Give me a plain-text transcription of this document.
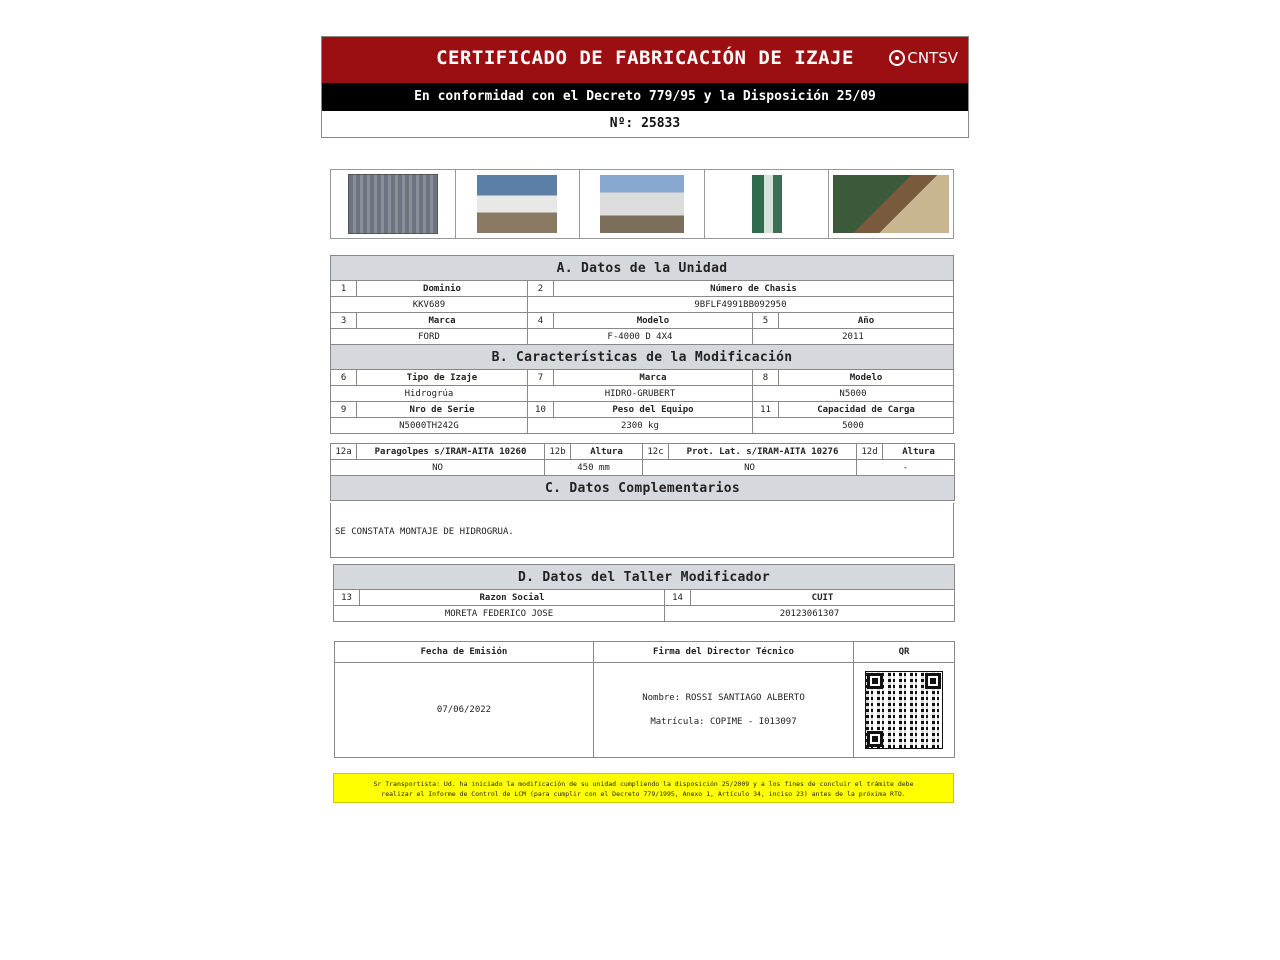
CERTIFICADO DE FABRICACIÓN DE IZAJE	CNTSV
En conformidad con el Decreto 779/95 y la Disposición 25/09
Nº: 25833
A. Datos de la Unidad					
1	Dominio	2	Número de Chasis		
KKV689		9BFLF4991BB092950			
3	Marca	4	Modelo	5	Año
FORD		F-4000 D 4X4		2011	
B. Características de la Modificación					
6	Tipo de Izaje	7	Marca	8	Modelo
Hidrogrúa		HIDRO-GRUBERT		N5000	
9	Nro de Serie	10	Peso del Equipo	11	Capacidad de Carga
N5000TH242G		2300 kg		5000	
12a	Paragolpes s/IRAM-AITA 10260	12b	Altura	12c	Prot. Lat. s/IRAM-AITA 10276	12d	Altura
NO		450 mm		NO		-	
C. Datos Complementarios							
SE CONSTATA MONTAJE DE HIDROGRUA.
D. Datos del Taller Modificador			
13	Razon Social	14	CUIT
MORETA FEDERICO JOSE		20123061307	
Fecha de Emisión	Firma del Director Técnico	QR
07/06/2022	Nombre: ROSSI SANTIAGO ALBERTO
Matrícula: COPIME - I013097	

Sr Transportista: Ud. ha iniciado la modificación de su unidad cumpliendo la disposición 25/2009 y a los fines de concluir el trámite debe
realizar el Informe de Control de LCM (para cumplir con el Decreto 779/1995, Anexo 1, Artículo 34, inciso 23) antes de la próxima RTO.
